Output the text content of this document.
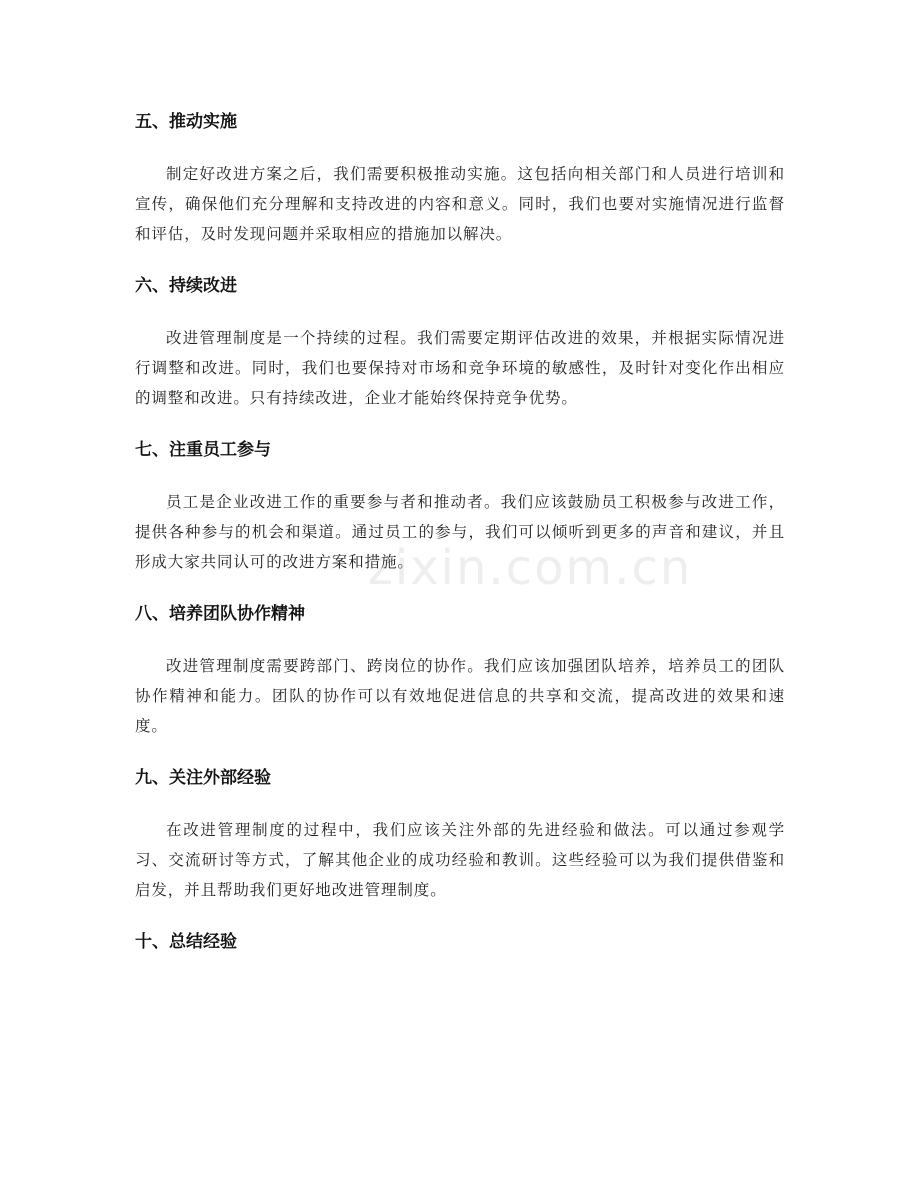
五、推动实施

制定好改进方案之后，我们需要积极推动实施。这包括向相关部门和人员进行培训和宣传，确保他们充分理解和支持改进的内容和意义。同时，我们也要对实施情况进行监督和评估，及时发现问题并采取相应的措施加以解决。

六、持续改进

改进管理制度是一个持续的过程。我们需要定期评估改进的效果，并根据实际情况进行调整和改进。同时，我们也要保持对市场和竞争环境的敏感性，及时针对变化作出相应的调整和改进。只有持续改进，企业才能始终保持竞争优势。

七、注重员工参与

员工是企业改进工作的重要参与者和推动者。我们应该鼓励员工积极参与改进工作，提供各种参与的机会和渠道。通过员工的参与，我们可以倾听到更多的声音和建议，并且形成大家共同认可的改进方案和措施。

八、培养团队协作精神

改进管理制度需要跨部门、跨岗位的协作。我们应该加强团队培养，培养员工的团队协作精神和能力。团队的协作可以有效地促进信息的共享和交流，提高改进的效果和速度。

九、关注外部经验

在改进管理制度的过程中，我们应该关注外部的先进经验和做法。可以通过参观学习、交流研讨等方式，了解其他企业的成功经验和教训。这些经验可以为我们提供借鉴和启发，并且帮助我们更好地改进管理制度。

十、总结经验
zixin.com.cn
